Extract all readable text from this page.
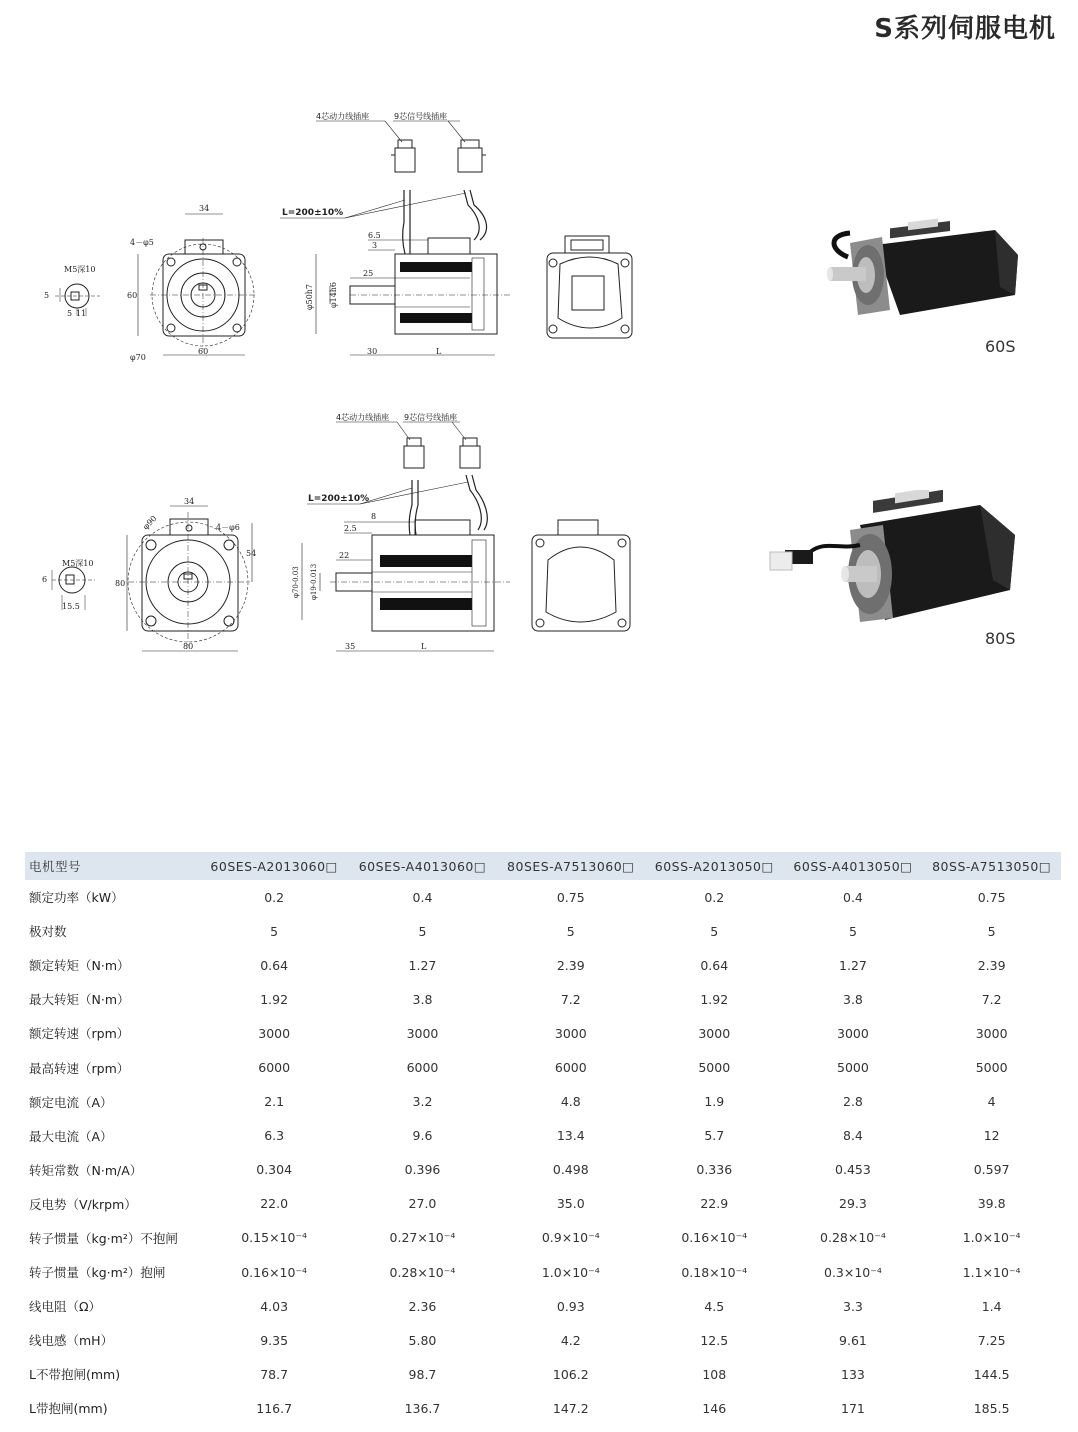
S系列伺服电机
M5深10
5
5 11
34
4－φ5
60
60
φ70
4芯动力线插座	9芯信号线插座
L=200±10%
6.5
3
25
φ50h7 φ14h6
30	L
M5深10
6
15.5
34
φ90	4－φ6
54
80
80
4芯动力线插座 9芯信号线插座
L=200±10%
8
2.5
22
φ70-0.03 φ19-0.013
35	L
60S
80S
电机型号	60SES-A2013060□	60SES-A4013060□	80SES-A7513060□	60SS-A2013050□	60SS-A4013050□	80SS-A7513050□
额定功率（kW）	0.2	0.4	0.75	0.2	0.4	0.75
极对数	5	5	5	5	5	5
额定转矩（N·m）	0.64	1.27	2.39	0.64	1.27	2.39
最大转矩（N·m）	1.92	3.8	7.2	1.92	3.8	7.2
额定转速（rpm）	3000	3000	3000	3000	3000	3000
最高转速（rpm）	6000	6000	6000	5000	5000	5000
额定电流（A）	2.1	3.2	4.8	1.9	2.8	4
最大电流（A）	6.3	9.6	13.4	5.7	8.4	12
转矩常数（N·m/A）	0.304	0.396	0.498	0.336	0.453	0.597
反电势（V/krpm）	22.0	27.0	35.0	22.9	29.3	39.8
转子惯量（kg·m²）不抱闸	0.15×10⁻⁴	0.27×10⁻⁴	0.9×10⁻⁴	0.16×10⁻⁴	0.28×10⁻⁴	1.0×10⁻⁴
转子惯量（kg·m²）抱闸	0.16×10⁻⁴	0.28×10⁻⁴	1.0×10⁻⁴	0.18×10⁻⁴	0.3×10⁻⁴	1.1×10⁻⁴
线电阻（Ω）	4.03	2.36	0.93	4.5	3.3	1.4
线电感（mH）	9.35	5.80	4.2	12.5	9.61	7.25
L不带抱闸(mm)	78.7	98.7	106.2	108	133	144.5
L带抱闸(mm)	116.7	136.7	147.2	146	171	185.5
